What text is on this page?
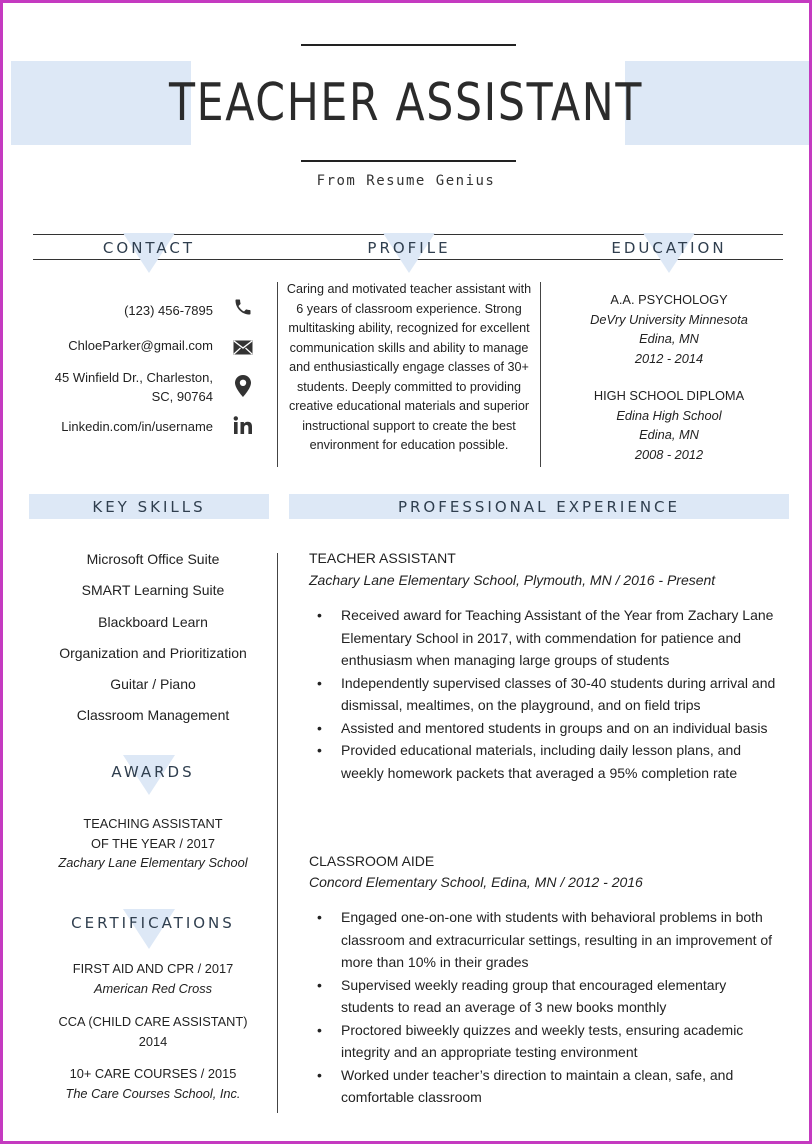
TEACHER ASSISTANT
From Resume Genius
CONTACT	PROFILE	EDUCATION
(123) 456-7895
ChloeParker@gmail.com
45 Winfield Dr., Charleston,
SC, 90764
Linkedin.com/in/username
Caring and motivated teacher assistant with 6 years of classroom experience. Strong multitasking ability, recognized for excellent communication skills and ability to manage and enthusiastically engage classes of 30+ students. Deeply committed to providing creative educational materials and superior instructional support to create the best environment for education possible.
A.A. PSYCHOLOGY
DeVry University Minnesota
Edina, MN
2012 - 2014
HIGH SCHOOL DIPLOMA
Edina High School
Edina, MN
2008 - 2012
KEY SKILLS	PROFESSIONAL EXPERIENCE
Microsoft Office Suite
SMART Learning Suite
Blackboard Learn
Organization and Prioritization
Guitar / Piano
Classroom Management
AWARDS
TEACHING ASSISTANT
OF THE YEAR / 2017
Zachary Lane Elementary School
CERTIFICATIONS
FIRST AID AND CPR / 2017
American Red Cross
CCA (CHILD CARE ASSISTANT)
2014
10+ CARE COURSES / 2015
The Care Courses School, Inc.
TEACHER ASSISTANT
Zachary Lane Elementary School, Plymouth, MN / 2016 - Present
• Received award for Teaching Assistant of the Year from Zachary Lane Elementary School in 2017, with commendation for patience and enthusiasm when managing large groups of students
• Independently supervised classes of 30-40 students during arrival and dismissal, mealtimes, on the playground, and on field trips
• Assisted and mentored students in groups and on an individual basis
• Provided educational materials, including daily lesson plans, and weekly homework packets that averaged a 95% completion rate
CLASSROOM AIDE
Concord Elementary School, Edina, MN / 2012 - 2016
• Engaged one-on-one with students with behavioral problems in both classroom and extracurricular settings, resulting in an improvement of more than 10% in their grades
• Supervised weekly reading group that encouraged elementary students to read an average of 3 new books monthly
• Proctored biweekly quizzes and weekly tests, ensuring academic integrity and an appropriate testing environment
• Worked under teacher’s direction to maintain a clean, safe, and comfortable classroom
